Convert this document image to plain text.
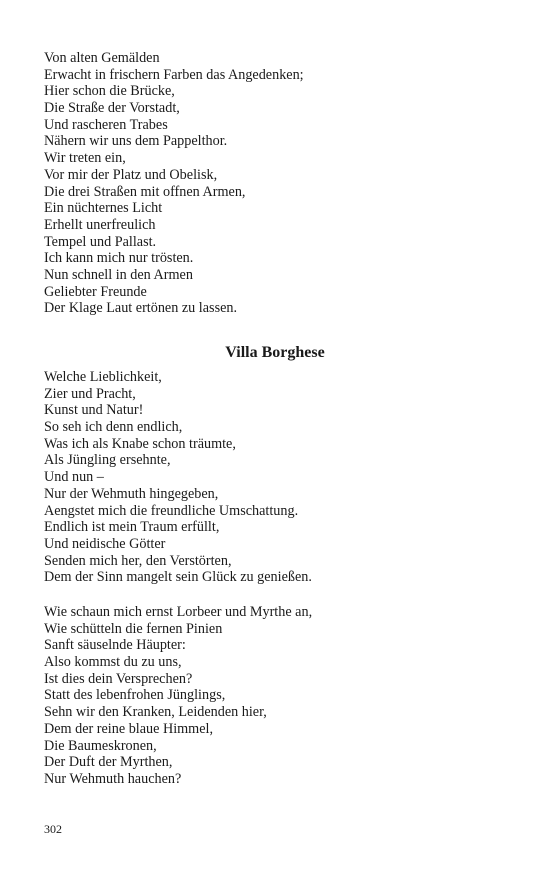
Von alten Gemälden
Erwacht in frischern Farben das Angedenken;
Hier schon die Brücke,
Die Straße der Vorstadt,
Und rascheren Trabes
Nähern wir uns dem Pappelthor.
Wir treten ein,
Vor mir der Platz und Obelisk,
Die drei Straßen mit offnen Armen,
Ein nüchternes Licht
Erhellt unerfreulich
Tempel und Pallast.
Ich kann mich nur trösten.
Nun schnell in den Armen
Geliebter Freunde
Der Klage Laut ertönen zu lassen.
Villa Borghese
Welche Lieblichkeit,
Zier und Pracht,
Kunst und Natur!
So seh ich denn endlich,
Was ich als Knabe schon träumte,
Als Jüngling ersehnte,
Und nun –
Nur der Wehmuth hingegeben,
Aengstet mich die freundliche Umschattung.
Endlich ist mein Traum erfüllt,
Und neidische Götter
Senden mich her, den Verstörten,
Dem der Sinn mangelt sein Glück zu genießen.
Wie schaun mich ernst Lorbeer und Myrthe an,
Wie schütteln die fernen Pinien
Sanft säuselnde Häupter:
Also kommst du zu uns,
Ist dies dein Versprechen?
Statt des lebenfrohen Jünglings,
Sehn wir den Kranken, Leidenden hier,
Dem der reine blaue Himmel,
Die Baumeskronen,
Der Duft der Myrthen,
Nur Wehmuth hauchen?
302
